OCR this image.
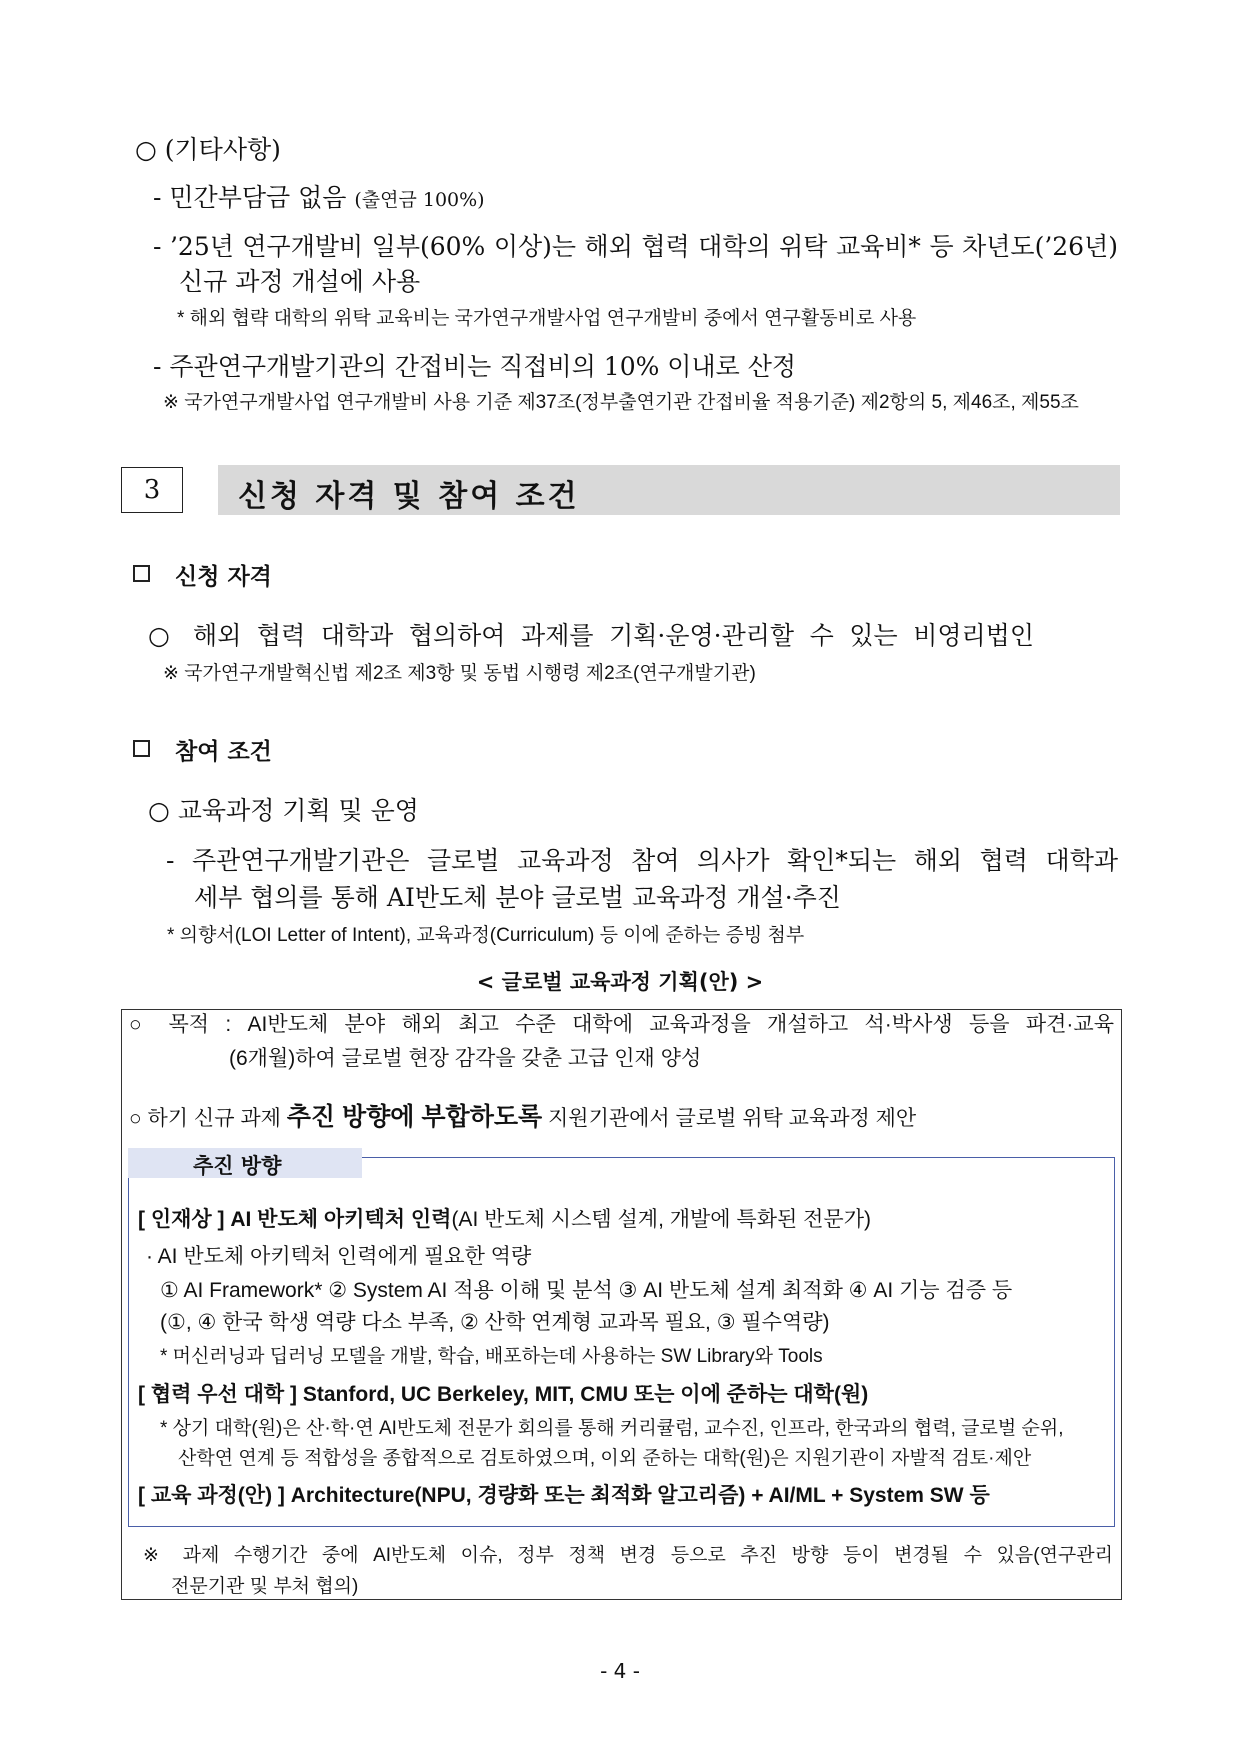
○ (기타사항)
- 민간부담금 없음 (출연금 100%)
- ’25년 연구개발비 일부(60% 이상)는 해외 협력 대학의 위탁 교육비* 등 차년도(’26년)
신규 과정 개설에 사용
* 해외 협략 대학의 위탁 교육비는 국가연구개발사업 연구개발비 중에서 연구활동비로 사용
- 주관연구개발기관의 간접비는 직접비의 10% 이내로 산정
※ 국가연구개발사업 연구개발비 사용 기준 제37조(정부출연기관 간접비율 적용기준) 제2항의 5, 제46조, 제55조
3	신청 자격 및 참여 조건
신청 자격
○ 해외 협력 대학과 협의하여 과제를 기획·운영·관리할 수 있는 비영리법인
※ 국가연구개발혁신법 제2조 제3항 및 동법 시행령 제2조(연구개발기관)
참여 조건
○ 교육과정 기획 및 운영
- 주관연구개발기관은 글로벌 교육과정 참여 의사가 확인*되는 해외 협력 대학과
세부 협의를 통해 AI반도체 분야 글로벌 교육과정 개설·추진
* 의향서(LOI Letter of Intent), 교육과정(Curriculum) 등 이에 준하는 증빙 첨부
< 글로벌 교육과정 기획(안) >
○ 목적 : AI반도체 분야 해외 최고 수준 대학에 교육과정을 개설하고 석·박사생 등을 파견·교육
(6개월)하여 글로벌 현장 감각을 갖춘 고급 인재 양성
○ 하기 신규 과제 추진 방향에 부합하도록 지원기관에서 글로벌 위탁 교육과정 제안
추진 방향
[ 인재상 ] AI 반도체 아키텍처 인력(AI 반도체 시스템 설계, 개발에 특화된 전문가)
· AI 반도체 아키텍처 인력에게 필요한 역량
① AI Framework* ② System AI 적용 이해 및 분석 ③ AI 반도체 설계 최적화 ④ AI 기능 검증 등
(①, ④ 한국 학생 역량 다소 부족, ② 산학 연계형 교과목 필요, ③ 필수역량)
* 머신러닝과 딥러닝 모델을 개발, 학습, 배포하는데 사용하는 SW Library와 Tools
[ 협력 우선 대학 ] Stanford, UC Berkeley, MIT, CMU 또는 이에 준하는 대학(원)
* 상기 대학(원)은 산·학·연 AI반도체 전문가 회의를 통해 커리큘럼, 교수진, 인프라, 한국과의 협력, 글로벌 순위,
산학연 연계 등 적합성을 종합적으로 검토하였으며, 이외 준하는 대학(원)은 지원기관이 자발적 검토·제안
[ 교육 과정(안) ] Architecture(NPU, 경량화 또는 최적화 알고리즘) + AI/ML + System SW 등
※ 과제 수행기간 중에 AI반도체 이슈, 정부 정책 변경 등으로 추진 방향 등이 변경될 수 있음(연구관리
전문기관 및 부처 협의)
- 4 -
